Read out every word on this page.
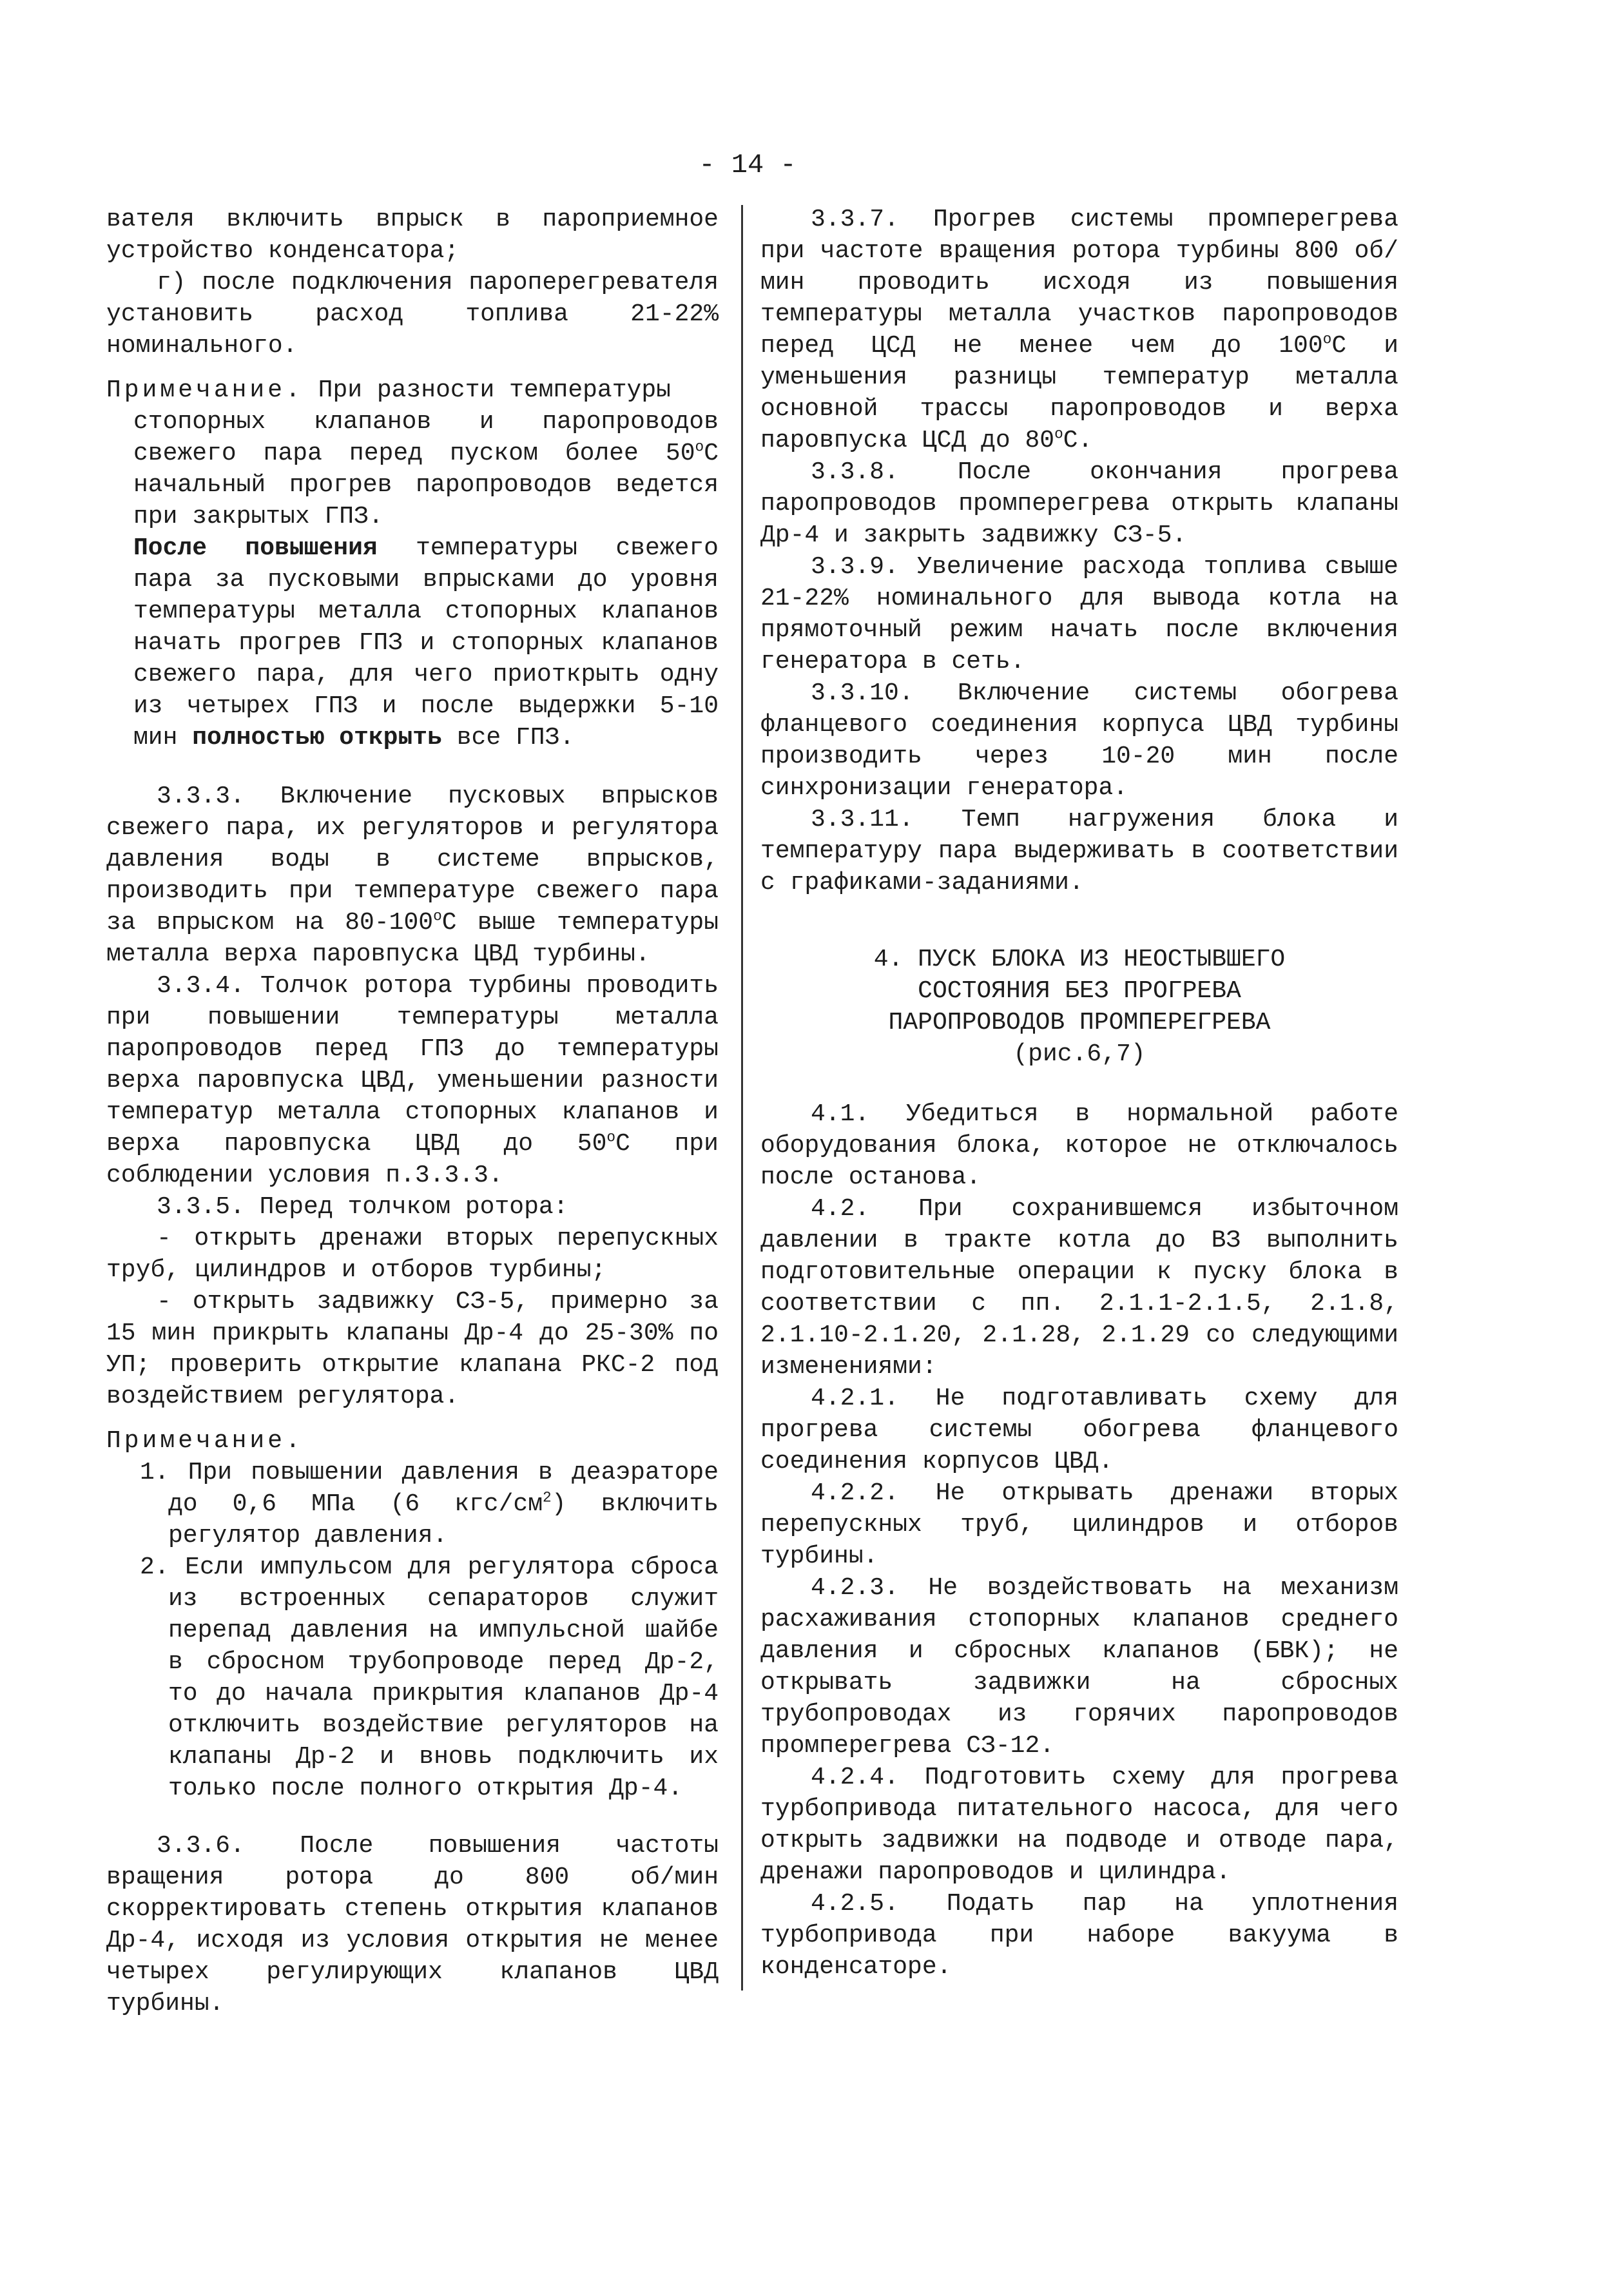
- 14 -

вателя включить впрыск в пароприемное устройство конденсатора;

г) после подключения пароперегревателя установить расход топлива 21-22% номинального.

Примечание. При разности температуры

стопорных клапанов и паропроводов свежего пара перед пуском более $50^оС$ начальный прогрев паропроводов ведется при закрытых ГПЗ.

После повышения температуры свежего пара за пусковыми впрысками до уровня температуры металла стопорных клапанов начать прогрев ГПЗ и стопорных клапанов свежего пара, для чего приоткрыть одну из четырех ГПЗ и после выдержки 5-10 мин полностью открыть все ГПЗ.

3.3.3. Включение пусковых впрысков свежего пара, их регуляторов и регулятора давления воды в системе впрысков, производить при температуре свежего пара за впрыском на $80-100^оС$ выше температуры металла верха паровпуска ЦВД турбины.

3.3.4. Толчок ротора турбины проводить при повышении температуры металла паропроводов перед ГПЗ до температуры верха паровпуска ЦВД, уменьшении разности температур металла стопорных клапанов и верха паровпуска ЦВД до $50^оС$ при соблюдении условия п.3.3.3.

3.3.5. Перед толчком ротора:

- открыть дренажи вторых перепускных труб, цилиндров и отборов турбины;

- открыть задвижку СЗ-5, примерно за 15 мин прикрыть клапаны Др-4 до 25-30% по УП; проверить открытие клапана РКС-2 под воздействием регулятора.

Примечание.

1. При повышении давления в деаэраторе до 0,6 МПа (6 кгс/$см^2$) включить регулятор давления.

2. Если импульсом для регулятора сброса из встроенных сепараторов служит перепад давления на импульсной шайбе в сбросном трубопроводе перед Др-2, то до начала прикрытия клапанов Др-4 отключить воздействие регуляторов на клапаны Др-2 и вновь подключить их только после полного открытия Др-4.

3.3.6. После повышения частоты вращения ротора до 800 об/мин скорректировать степень открытия клапанов Др-4, исходя из условия открытия не менее четырех регулирующих клапанов ЦВД турбины.

3.3.7. Прогрев системы промперегрева при частоте вращения ротора турбины 800 об/мин проводить исходя из повышения температуры металла участков паропроводов перед ЦСД не менее чем до $100^оС$ и уменьшения разницы температур металла основной трассы паропроводов и верха паровпуска ЦСД до $80^оС$.

3.3.8. После окончания прогрева паропроводов промперегрева открыть клапаны Др-4 и закрыть задвижку СЗ-5.

3.3.9. Увеличение расхода топлива свыше 21-22% номинального для вывода котла на прямоточный режим начать после включения генератора в сеть.

3.3.10. Включение системы обогрева фланцевого соединения корпуса ЦВД турбины производить через 10-20 мин после синхронизации генератора.

3.3.11. Темп нагружения блока и температуру пара выдерживать в соответствии с графиками-заданиями.

4. ПУСК БЛОКА ИЗ НЕОСТЫВШЕГО
СОСТОЯНИЯ БЕЗ ПРОГРЕВА
ПАРОПРОВОДОВ ПРОМПЕРЕГРЕВА
(рис.6,7)

4.1. Убедиться в нормальной работе оборудования блока, которое не отключалось после останова.

4.2. При сохранившемся избыточном давлении в тракте котла до ВЗ выполнить подготовительные операции к пуску блока в соответствии с пп. 2.1.1-2.1.5, 2.1.8, 2.1.10-2.1.20, 2.1.28, 2.1.29 со следующими изменениями:

4.2.1. Не подготавливать схему для прогрева системы обогрева фланцевого соединения корпусов ЦВД.

4.2.2. Не открывать дренажи вторых перепускных труб, цилиндров и отборов турбины.

4.2.3. Не воздействовать на механизм расхаживания стопорных клапанов среднего давления и сбросных клапанов (БВК); не открывать задвижки на сбросных трубопроводах из горячих паропроводов промперегрева СЗ-12.

4.2.4. Подготовить схему для прогрева турбопривода питательного насоса, для чего открыть задвижки на подводе и отводе пара, дренажи паропроводов и цилиндра.

4.2.5. Подать пар на уплотнения турбопривода при наборе вакуума в конденсаторе.
